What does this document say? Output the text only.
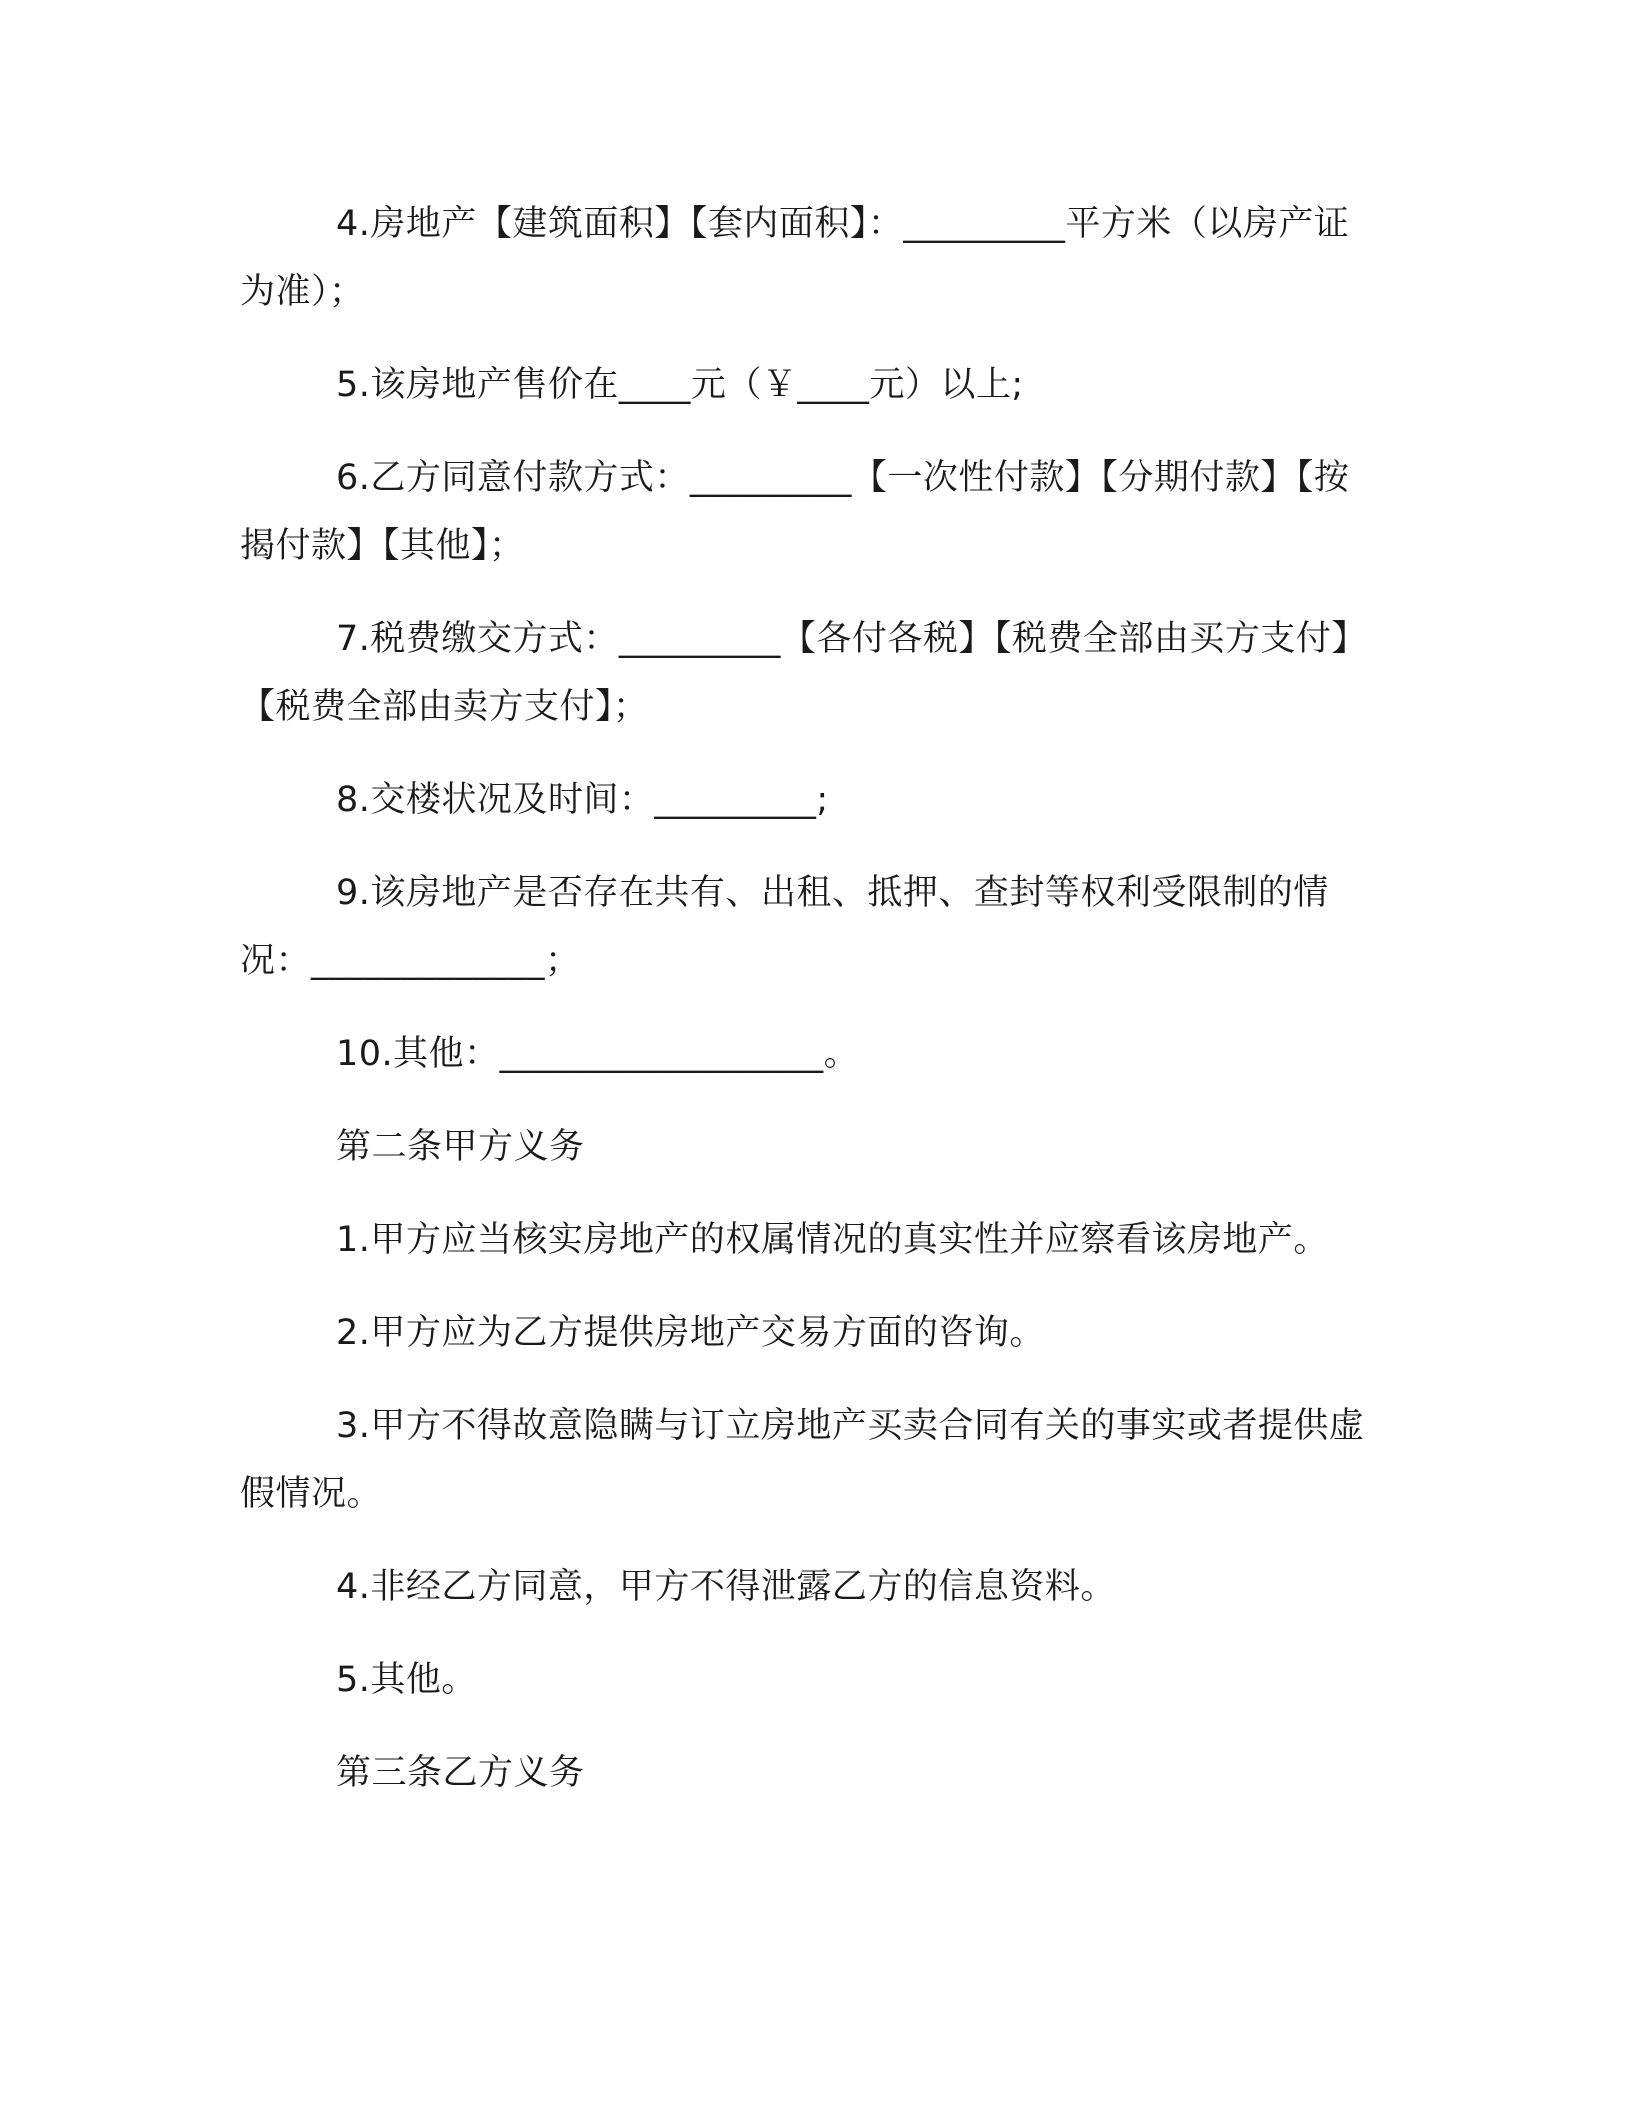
4.房地产【建筑面积】【套内面积】：_________平方米（以房产证为准）；

5.该房地产售价在____元（￥____元）以上;

6.乙方同意付款方式：_________【一次性付款】【分期付款】【按揭付款】【其他】；

7.税费缴交方式：_________【各付各税】【税费全部由买方支付】【税费全部由卖方支付】；

8.交楼状况及时间：_________;

9.该房地产是否存在共有、出租、抵押、查封等权利受限制的情况：_____________；

10.其他：__________________。

第二条甲方义务

1.甲方应当核实房地产的权属情况的真实性并应察看该房地产。

2.甲方应为乙方提供房地产交易方面的咨询。

3.甲方不得故意隐瞒与订立房地产买卖合同有关的事实或者提供虚假情况。

4.非经乙方同意，甲方不得泄露乙方的信息资料。

5.其他。

第三条乙方义务
